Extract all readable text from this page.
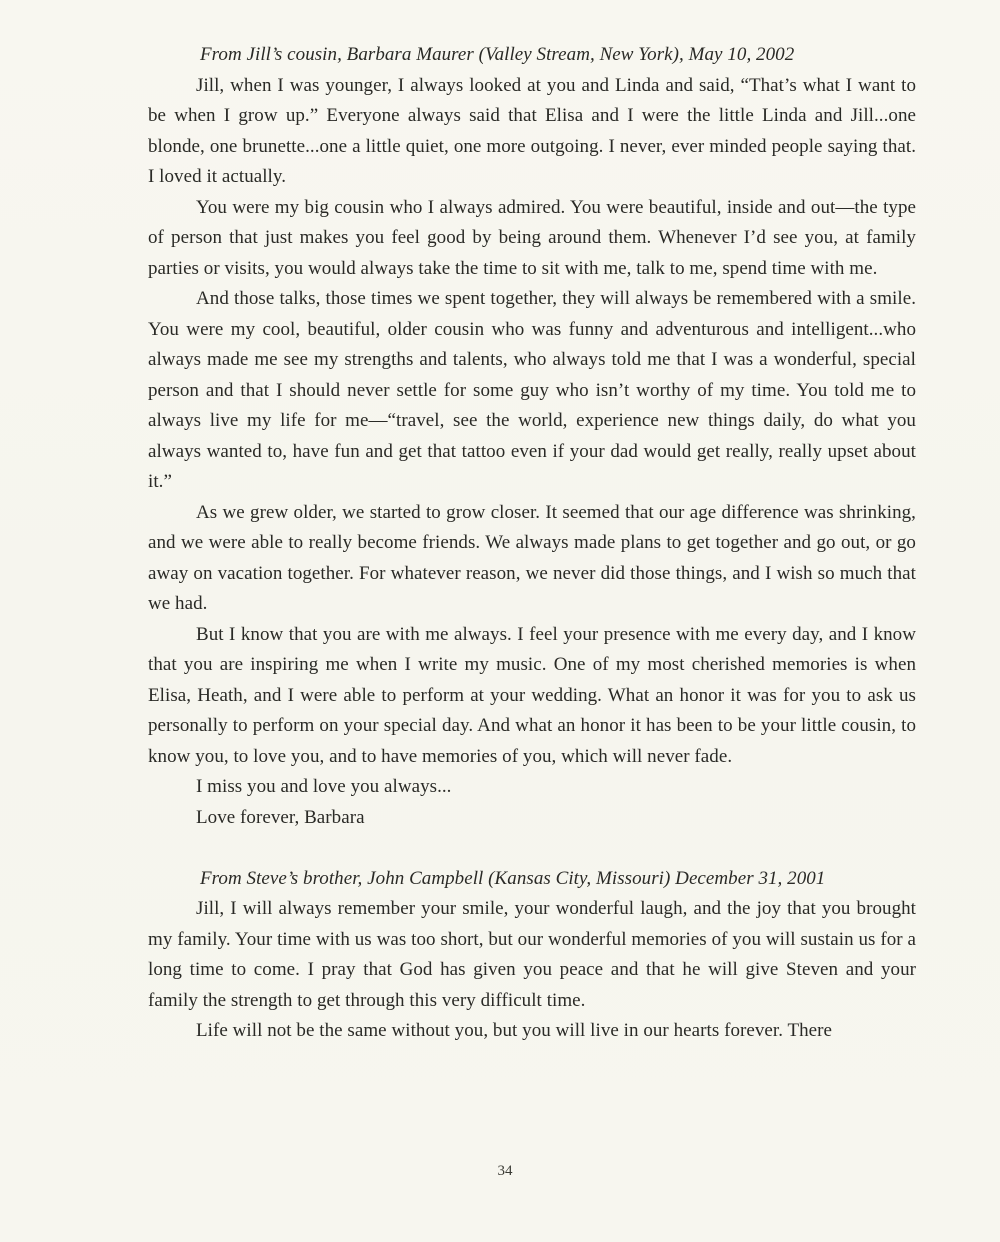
From Jill’s cousin, Barbara Maurer (Valley Stream, New York), May 10, 2002

Jill, when I was younger, I always looked at you and Linda and said, “That’s what I want to be when I grow up.” Everyone always said that Elisa and I were the little Linda and Jill...one blonde, one brunette...one a little quiet, one more outgoing. I never, ever minded people saying that. I loved it actually.

You were my big cousin who I always admired. You were beautiful, inside and out—the type of person that just makes you feel good by being around them. Whenever I’d see you, at family parties or visits, you would always take the time to sit with me, talk to me, spend time with me.

And those talks, those times we spent together, they will always be remembered with a smile. You were my cool, beautiful, older cousin who was funny and adventurous and intelligent...who always made me see my strengths and talents, who always told me that I was a wonderful, special person and that I should never settle for some guy who isn’t worthy of my time. You told me to always live my life for me—“travel, see the world, experience new things daily, do what you always wanted to, have fun and get that tattoo even if your dad would get really, really upset about it.”

As we grew older, we started to grow closer. It seemed that our age difference was shrinking, and we were able to really become friends. We always made plans to get together and go out, or go away on vacation together. For whatever reason, we never did those things, and I wish so much that we had.

But I know that you are with me always. I feel your presence with me every day, and I know that you are inspiring me when I write my music. One of my most cherished memories is when Elisa, Heath, and I were able to perform at your wedding. What an honor it was for you to ask us personally to perform on your special day. And what an honor it has been to be your little cousin, to know you, to love you, and to have memories of you, which will never fade.

I miss you and love you always...

Love forever, Barbara

From Steve’s brother, John Campbell (Kansas City, Missouri) December 31, 2001

Jill, I will always remember your smile, your wonderful laugh, and the joy that you brought my family. Your time with us was too short, but our wonderful memories of you will sustain us for a long time to come. I pray that God has given you peace and that he will give Steven and your family the strength to get through this very difficult time.

Life will not be the same without you, but you will live in our hearts forever. There

34
